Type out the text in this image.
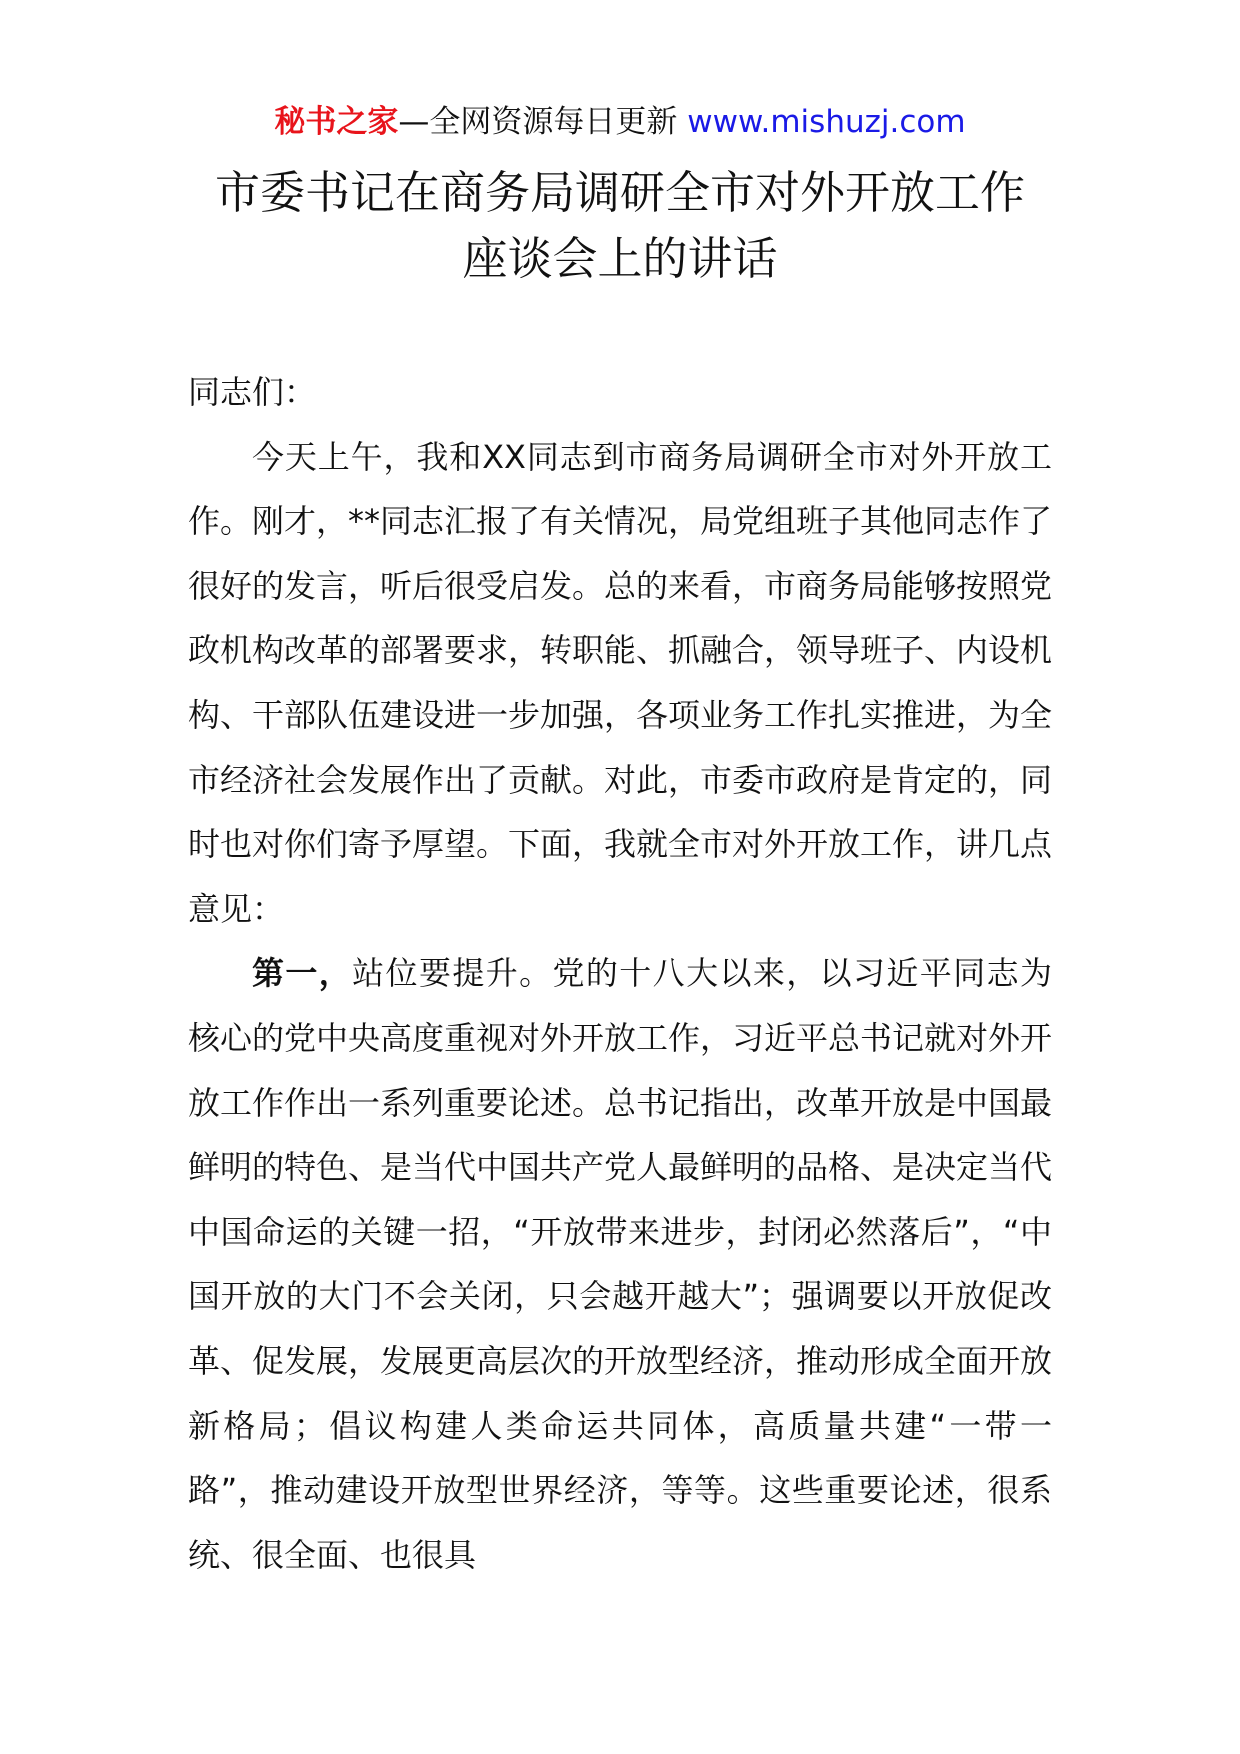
秘书之家—全网资源每日更新 www.mishuzj.com
市委书记在商务局调研全市对外开放工作
座谈会上的讲话
同志们：

今天上午，我和XX同志到市商务局调研全市对外开放工作。刚才，**同志汇报了有关情况，局党组班子其他同志作了很好的发言，听后很受启发。总的来看，市商务局能够按照党政机构改革的部署要求，转职能、抓融合，领导班子、内设机构、干部队伍建设进一步加强，各项业务工作扎实推进，为全市经济社会发展作出了贡献。对此，市委市政府是肯定的，同时也对你们寄予厚望。下面，我就全市对外开放工作，讲几点意见：

第一，站位要提升。党的十八大以来，以习近平同志为核心的党中央高度重视对外开放工作，习近平总书记就对外开放工作作出一系列重要论述。总书记指出，改革开放是中国最鲜明的特色、是当代中国共产党人最鲜明的品格、是决定当代中国命运的关键一招，“开放带来进步，封闭必然落后”，“中国开放的大门不会关闭，只会越开越大”；强调要以开放促改革、促发展，发展更高层次的开放型经济，推动形成全面开放新格局；倡议构建人类命运共同体，高质量共建“一带一路”，推动建设开放型世界经济，等等。这些重要论述，很系统、很全面、也很具
